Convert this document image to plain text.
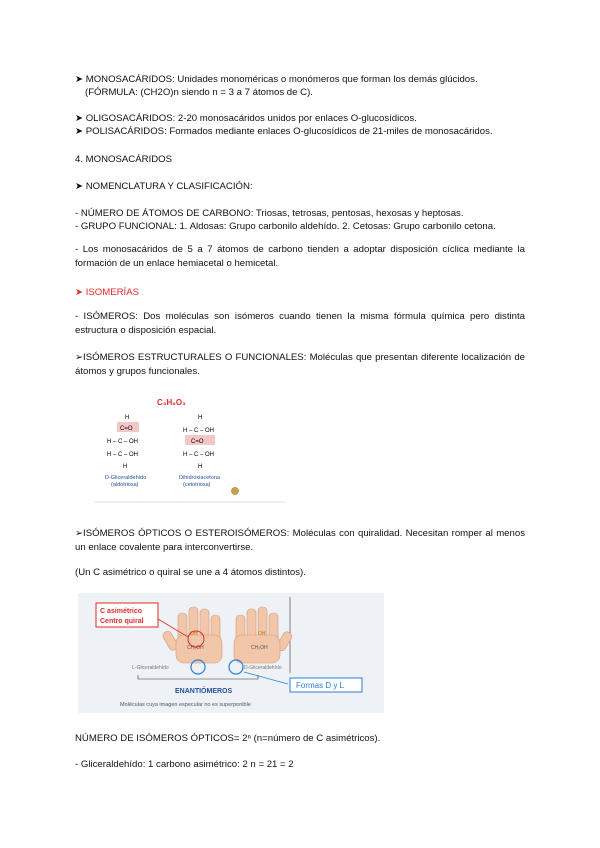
➤ MONOSACÁRIDOS: Unidades monoméricas o monómeros que forman los demás glúcidos.
(FÓRMULA: (CH2O)n siendo n = 3 a 7 átomos de C).
➤ OLIGOSACÁRIDOS: 2-20 monosacáridos unidos por enlaces O-glucosídicos.
➤ POLISACÁRIDOS: Formados mediante enlaces O-glucosídicos de 21-miles de monosacáridos.
4. MONOSACÁRIDOS
➤ NOMENCLATURA Y CLASIFICACIÓN:
- NÚMERO DE ÁTOMOS DE CARBONO: Triosas, tetrosas, pentosas, hexosas y heptosas.
- GRUPO FUNCIONAL: 1. Aldosas: Grupo carbonilo aldehído. 2. Cetosas: Grupo carbonilo cetona.
- Los monosacáridos de 5 a 7 átomos de carbono tienden a adoptar disposición cíclica mediante la formación de un enlace hemiacetal o hemicetal.
➤ ISOMERÍAS
- ISÓMEROS: Dos moléculas son isómeros cuando tienen la misma fórmula química pero distinta estructura o disposición espacial.
➢ISÓMEROS ESTRUCTURALES O FUNCIONALES: Moléculas que presentan diferente localización de átomos y grupos funcionales.
C₃H₆O₃
H
C=O
H – C – OH
H – C – OH
H
D-Gliceraldehído
(aldotriosa)
H
H – C – OH
C=O
H – C – OH
H
Dihidroxiacetona
(cetotriosa)
➢ISÓMEROS ÓPTICOS O ESTEROISÓMEROS: Moléculas con quiralidad. Necesitan romper al menos un enlace covalente para interconvertirse.
(Un C asimétrico o quiral se une a 4 átomos distintos).
OH	OH
CH₂OH	CH₂OH
C asimétrico
Centro quiral
L-Gliceraldehído	D-Gliceraldehído
Formas D y L
ENANTIÓMEROS
Moléculas cuya imagen especular no es superponible
NÚMERO DE ISÓMEROS ÓPTICOS= 2ⁿ (n=número de C asimétricos).
- Gliceraldehído: 1 carbono asimétrico: 2 n = 21 = 2
